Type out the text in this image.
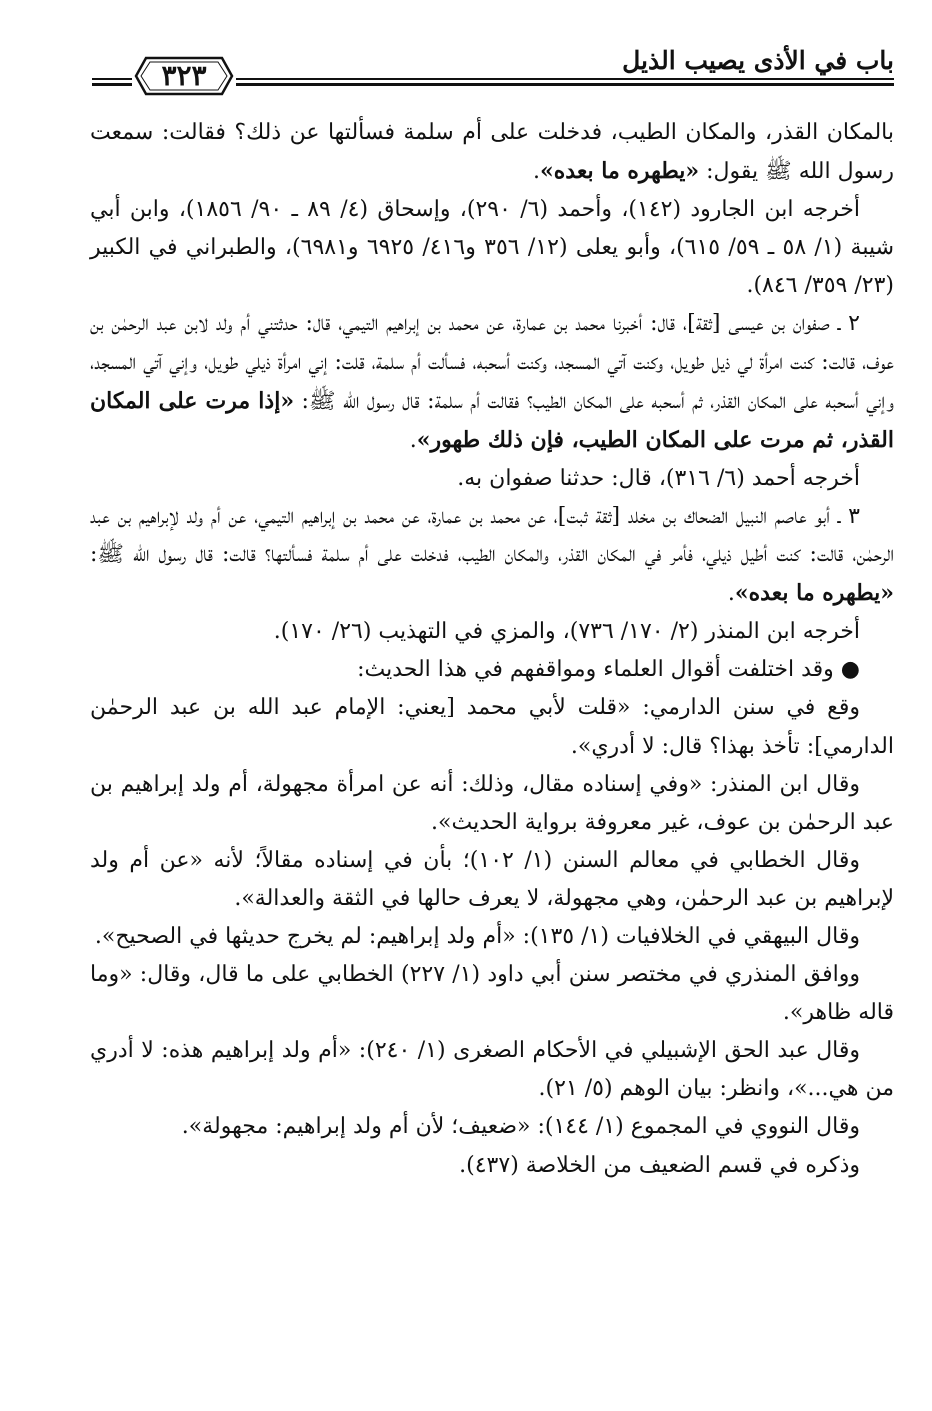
٣٢٣	باب في الأذى يصيب الذيل

بالمكان القذر، والمكان الطيب، فدخلت على أم سلمة فسألتها عن ذلك؟ فقالت: سمعت رسول الله ﷺ يقول: «يطهره ما بعده».

أخرجه ابن الجارود (١٤٢)، وأحمد (٦/ ٢٩٠)، وإسحاق (٤/ ٨٩ ـ ٩٠/ ١٨٥٦)، وابن أبي شيبة (١/ ٥٨ ـ ٥٩/ ٦١٥)، وأبو يعلى (١٢/ ٣٥٦ و٤١٦/ ٦٩٢٥ و٦٩٨١)، والطبراني في الكبير (٢٣/ ٣٥٩/ ٨٤٦).

٢ ـ صفوان بن عيسى [ثقة]، قال: أخبرنا محمد بن عمارة، عن محمد بن إبراهيم التيمي، قال: حدثتني أم ولد لابن عبد الرحمٰن بن عوف، قالت: كنت امرأة لي ذيل طويل، وكنت آتي المسجد، وكنت أسحبه، فسألت أم سلمة، قلت: إني امرأة ذيلي طويل، وإني آتي المسجد، وإني أسحبه على المكان القذر، ثم أسحبه على المكان الطيب؟ فقالت أم سلمة: قال رسول الله ﷺ: «إذا مرت على المكان القذر، ثم مرت على المكان الطيب، فإن ذلك طهور».

أخرجه أحمد (٦/ ٣١٦)، قال: حدثنا صفوان به.

٣ ـ أبو عاصم النبيل الضحاك بن مخلد [ثقة ثبت]، عن محمد بن عمارة، عن محمد بن إبراهيم التيمي، عن أم ولد لإبراهيم بن عبد الرحمٰن، قالت: كنت أطيل ذيلي، فأمر في المكان القذر، والمكان الطيب، فدخلت على أم سلمة فسألتها؟ قالت: قال رسول الله ﷺ: «يطهره ما بعده».

أخرجه ابن المنذر (٢/ ١٧٠/ ٧٣٦)، والمزي في التهذيب (٢٦/ ١٧٠).

● وقد اختلفت أقوال العلماء ومواقفهم في هذا الحديث:

وقع في سنن الدارمي: «قلت لأبي محمد [يعني: الإمام عبد الله بن عبد الرحمٰن الدارمي]: تأخذ بهذا؟ قال: لا أدري».

وقال ابن المنذر: «وفي إسناده مقال، وذلك: أنه عن امرأة مجهولة، أم ولد إبراهيم بن عبد الرحمٰن بن عوف، غير معروفة برواية الحديث».

وقال الخطابي في معالم السنن (١/ ١٠٢)؛ بأن في إسناده مقالاً؛ لأنه «عن أم ولد لإبراهيم بن عبد الرحمٰن، وهي مجهولة، لا يعرف حالها في الثقة والعدالة».

وقال البيهقي في الخلافيات (١/ ١٣٥): «أم ولد إبراهيم: لم يخرج حديثها في الصحيح».

ووافق المنذري في مختصر سنن أبي داود (١/ ٢٢٧) الخطابي على ما قال، وقال: «وما قاله ظاهر».

وقال عبد الحق الإشبيلي في الأحكام الصغرى (١/ ٢٤٠): «أم ولد إبراهيم هذه: لا أدري من هي...»، وانظر: بيان الوهم (٥/ ٢١).

وقال النووي في المجموع (١/ ١٤٤): «ضعيف؛ لأن أم ولد إبراهيم: مجهولة».

وذكره في قسم الضعيف من الخلاصة (٤٣٧).
